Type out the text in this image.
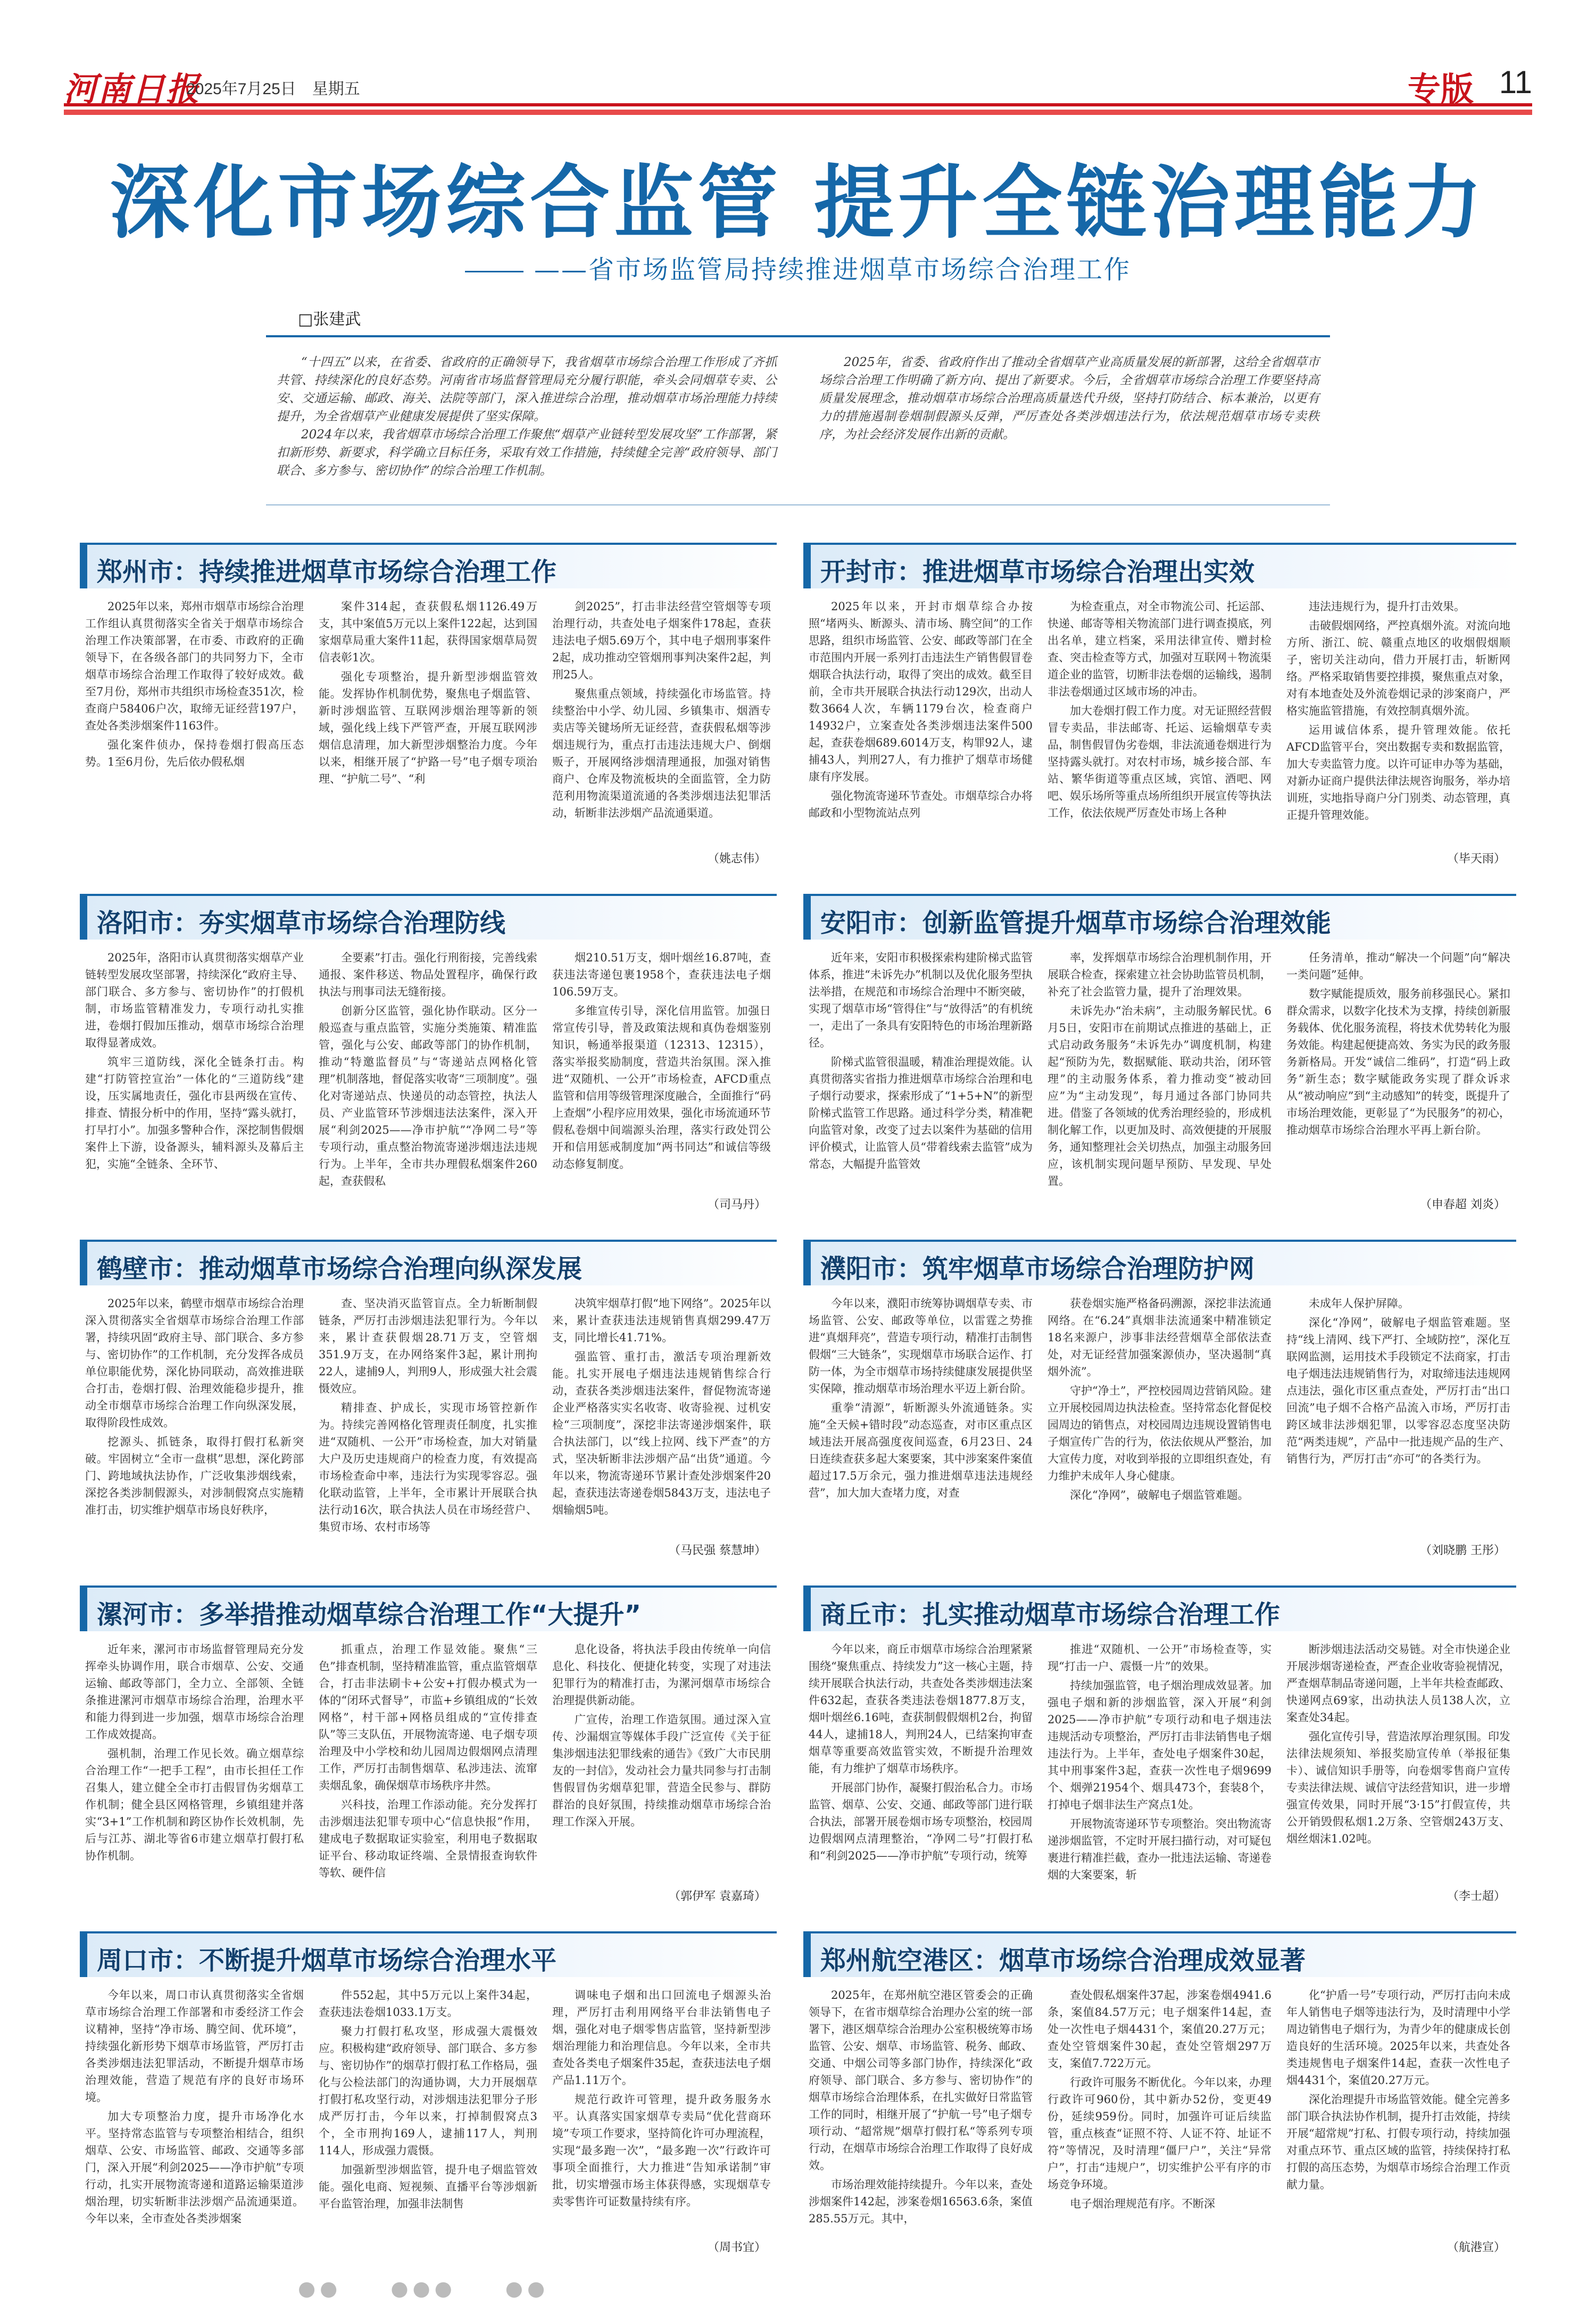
河南日报
2025年7月25日　星期五	专版 11
深化市场综合监管 提升全链治理能力
——省市场监管局持续推进烟草市场综合治理工作
□张建武

“十四五”以来，在省委、省政府的正确领导下，我省烟草市场综合治理工作形成了齐抓共管、持续深化的良好态势。河南省市场监督管理局充分履行职能，牵头会同烟草专卖、公安、交通运输、邮政、海关、法院等部门，深入推进综合治理，推动烟草市场治理能力持续提升，为全省烟草产业健康发展提供了坚实保障。

2024年以来，我省烟草市场综合治理工作聚焦“烟草产业链转型发展攻坚”工作部署，紧扣新形势、新要求，科学确立目标任务，采取有效工作措施，持续健全完善“政府领导、部门联合、多方参与、密切协作”的综合治理工作机制。

2025年，省委、省政府作出了推动全省烟草产业高质量发展的新部署，这给全省烟草市场综合治理工作明确了新方向、提出了新要求。今后，全省烟草市场综合治理工作要坚持高质量发展理念，推动烟草市场综合治理高质量迭代升级，坚持打防结合、标本兼治，以更有力的措施遏制卷烟制假源头反弹，严厉查处各类涉烟违法行为，依法规范烟草市场专卖秩序，为社会经济发展作出新的贡献。

郑州市：持续推进烟草市场综合治理工作

2025年以来，郑州市烟草市场综合治理工作组认真贯彻落实全省关于烟草市场综合治理工作决策部署，在市委、市政府的正确领导下，在各级各部门的共同努力下，全市烟草市场综合治理工作取得了较好成效。截至7月份，郑州市共组织市场检查351次，检查商户58406户次，取缔无证经营197户，查处各类涉烟案件1163件。

强化案件侦办，保持卷烟打假高压态势。1至6月份，先后依办假私烟

案件314起，查获假私烟1126.49万支，其中案值5万元以上案件122起，达到国家烟草局重大案件11起，获得国家烟草局贺信表彰1次。

强化专项整治，提升新型涉烟监管效能。发挥协作机制优势，聚焦电子烟监管、新时涉烟监管、互联网涉烟治理等新的领域，强化线上线下严管严查，开展互联网涉烟信息清理，加大新型涉烟整治力度。今年以来，相继开展了“护路一号”电子烟专项治理、“护航二号”、“利

剑2025”，打击非法经营空管烟等专项治理行动，共查处电子烟案件178起，查获违法电子烟5.69万个，其中电子烟刑事案件2起，成功推动空管烟刑事判决案件2起，判刑25人。

聚焦重点领域，持续强化市场监管。持续整治中小学、幼儿园、乡镇集市、烟酒专卖店等关键场所无证经营，查获假私烟等涉烟违规行为，重点打击违法违规大户、倒烟贩子，开展网络涉烟清理通报，加强对销售商户、仓库及物流板块的全面监管，全力防范利用物流渠道流通的各类涉烟违法犯罪活动，斩断非法涉烟产品流通渠道。

（姚志伟）
开封市：推进烟草市场综合治理出实效

2025年以来，开封市烟草综合办按照“堵两头、断源头、清市场、腾空间”的工作思路，组织市场监管、公安、邮政等部门在全市范围内开展一系列打击违法生产销售假冒卷烟联合执法行动，取得了突出的成效。截至目前，全市共开展联合执法行动129次，出动人数3664人次，车辆1179台次，检查商户14932户，立案查处各类涉烟违法案件500起，查获卷烟689.6014万支，构罪92人，逮捕43人，判刑27人，有力推护了烟草市场健康有序发展。

强化物流寄递环节查处。市烟草综合办将邮政和小型物流站点列

为检查重点，对全市物流公司、托运部、快递、邮寄等相关物流部门进行调查摸底，列出名单，建立档案，采用法律宣传、赠封检查、突击检查等方式，加强对互联网＋物流渠道企业的监管，切断非法卷烟的运输线，遏制非法卷烟通过区域市场的冲击。

加大卷烟打假工作力度。对无证照经营假冒专卖品，非法邮寄、托运、运输烟草专卖品，制售假冒伪劣卷烟，非法流通卷烟进行为坚持露头就打。对农村市场，城乡接合部、车站、繁华街道等重点区域，宾馆、酒吧、网吧、娱乐场所等重点场所组织开展宣传等执法工作，依法依规严厉查处市场上各种

违法违规行为，提升打击效果。

击破假烟网络，严控真烟外流。对流向地方所、浙江、皖、赣重点地区的收烟假烟顺子，密切关注动向，借力开展打击，斩断网络。严格采取销售要控排摸，聚焦重点对象，对有本地查处及外流卷烟记录的涉案商户，严格实施监管措施，有效控制真烟外流。

运用诚信体系，提升管理效能。依托AFCD监管平台，突出数据专卖和数据监管，加大专卖监管力度。以许可证申办等为基础，对新办证商户提供法律法规咨询服务，举办培训班，实地指导商户分门别类、动态管理，真正提升管理效能。

（毕天雨）
洛阳市：夯实烟草市场综合治理防线

2025年，洛阳市认真贯彻落实烟草产业链转型发展攻坚部署，持续深化“政府主导、部门联合、多方参与、密切协作”的打假机制，市场监管精准发力，专项行动扎实推进，卷烟打假加压推动，烟草市场综合治理取得显著成效。

筑牢三道防线，深化全链条打击。构建“打防管控宣治”一体化的“三道防线”建设，压实属地责任，强化市县两级在宣传、排查、情报分析中的作用，坚持“露头就打，打早打小”。加强多警种合作，深挖制售假烟案件上下游，设备源头，辅料源头及幕后主犯，实施“全链条、全环节、

全要素”打击。强化行刑衔接，完善线索通报、案件移送、物品处置程序，确保行政执法与刑事司法无缝衔接。

创新分区监管，强化协作联动。区分一般巡查与重点监管，实施分类施策、精准监管，强化与公安、邮政等部门的协作机制，推动“特邀监督员”与“寄递站点网格化管理”机制落地，督促落实收寄“三项制度”。强化对寄递站点、快递员的动态管控，执法人员、产业监管环节涉烟违法法案件，深入开展“利剑2025——净市护航”“净网二号”等专项行动，重点整治物流寄递涉烟违法违规行为。上半年，全市共办理假私烟案件260起，查获假私

烟210.51万支，烟叶烟丝16.87吨，查获违法寄递包裹1958个，查获违法电子烟106.59万支。

多维宣传引导，深化信用监管。加强日常宣传引导，普及政策法规和真伪卷烟鉴别知识，畅通举报渠道（12313、12315），落实举报奖励制度，营造共治氛围。深入推进“双随机、一公开”市场检查，AFCD重点监管和信用等级管理深度融合，全面推行“码上查烟”小程序应用效果，强化市场流通环节假私卷烟中间端源头治理，落实行政处罚公开和信用惩戒制度加“两书同达”和诚信等级动态修复制度。

（司马丹）
安阳市：创新监管提升烟草市场综合治理效能

近年来，安阳市积极探索构建阶梯式监管体系，推进“未诉先办”机制以及优化服务型执法举措，在规范和市场综合治理中不断突破，实现了烟草市场“管得住”与“放得活”的有机统一，走出了一条具有安阳特色的市场治理新路径。

阶梯式监管很温暖，精准治理提效能。认真贯彻落实省指力推进烟草市场综合治理和电子烟行动要求，探索形成了“1+5+N”的新型阶梯式监管工作思路。通过科学分类，精准靶向监管对象，改变了过去以案件为基础的信用评价模式，让监管人员“带着线索去监管”成为常态，大幅提升监管效

率，发挥烟草市场综合治理机制作用，开展联合检查，探索建立社会协助监管员机制，补充了社会监管力量，提升了治理效果。

未诉先办“治未病”，主动服务解民忧。6月5日，安阳市在前期试点推进的基础上，正式启动政务服务“未诉先办”调度机制，构建起“预防为先，数据赋能、联动共治，闭环管理”的主动服务体系，着力推动变“被动回应”为“主动发现”，每月通过各部门协同共进。借鉴了各领域的优秀治理经验的，形成机制化解工作，以更加及时、高效便捷的开展服务，通知整理社会关切热点，加强主动服务回应，该机制实现问题早预防、早发现、早处置。

任务清单，推动“解决一个问题”向“解决一类问题”延伸。

数字赋能提质效，服务前移强民心。紧扣群众需求，以数字化技术为支撑，持续创新服务载体、优化服务流程，将技术优势转化为服务效能。构建起便捷高效、务实为民的政务服务新格局。开发“诚信二维码”，打造“码上政务”新生态；数字赋能政务实现了群众诉求从“被动响应”到“主动感知”的转变，既提升了市场治理效能，更彰显了“为民服务”的初心，推动烟草市场综合治理水平再上新台阶。

（申春超 刘炎）
鹤壁市：推动烟草市场综合治理向纵深发展

2025年以来，鹤壁市烟草市场综合治理深入贯彻落实全省烟草市场综合治理工作部署，持续巩固“政府主导、部门联合、多方参与、密切协作”的工作机制，充分发挥各成员单位职能优势，深化协同联动，高效推进联合打击，卷烟打假、治理效能稳步提升，推动全市烟草市场综合治理工作向纵深发展，取得阶段性成效。

挖源头、抓链条，取得打假打私新突破。牢固树立“全市一盘棋”思想，深化跨部门、跨地域执法协作，广泛收集涉烟线索，深挖各类涉制假源头，对涉制假窝点实施精准打击，切实维护烟草市场良好秩序，

查、坚决消灭监管盲点。全力斩断制假链条，严厉打击涉烟违法犯罪行为。今年以来，累计查获假烟28.71万支，空管烟351.9万支，在办网络案件3起，累计刑拘22人，逮捕9人，判刑9人，形成强大社会震慑效应。

精排查、护成长，实现市场管控新作为。持续完善网格化管理责任制度，扎实推进“双随机、一公开”市场检查，加大对销量大户及历史违规商户的检查力度，有效提高市场检查命中率，违法行为实现零容忍。强化联动监管，上半年，全市累计开展联合执法行动16次，联合执法人员在市场经营户、集贸市场、农村市场等

决筑牢烟草打假“地下网络”。2025年以来，累计查获违法违规销售真烟299.47万支，同比增长41.71%。

强监管、重打击，激活专项治理新效能。扎实开展电子烟违法违规销售综合行动，查获各类涉烟违法案件，督促物流寄递企业严格落实实名收寄、收寄验视、过机安检“三项制度”，深挖非法寄递涉烟案件，联合执法部门，以“线上拉网、线下严查”的方式，坚决斩断非法涉烟产品“出货”通道。今年以来，物流寄递环节累计查处涉烟案件20起，查获违法寄递卷烟5843万支，违法电子烟输烟5吨。

（马民强 蔡慧坤）
濮阳市：筑牢烟草市场综合治理防护网

今年以来，濮阳市统筹协调烟草专卖、市场监管、公安、邮政等单位，以雷霆之势推进“真烟拜亮”，营造专项行动，精准打击制售假烟“三大链条”，实现烟草市场联合运作、打防一体，为全市烟草市场持续健康发展提供坚实保障，推动烟草市场治理水平迈上新台阶。

重拳“清源”，斩断源头外流通链条。实施“全天候+错时段”动态巡查，对市区重点区域违法开展高强度夜间巡查，6月23日、24日连续查获多起大案要案，其中涉案案件案值超过17.5万余元，强力推进烟草违法违规经营”，加大加大查堵力度，对查

获卷烟实施严格备码溯源，深挖非法流通网络。在“6.24”真烟非法流通案中精准锁定18名来源户，涉事非法经营烟草全部依法查处，对无证经营加强案源侦办，坚决遏制“真烟外流”。

守护“净土”，严控校园周边营销风险。建立开展校园周边执法检查。坚持常态化督促校园周边的销售点，对校园周边违规设置销售电子烟宣传广告的行为，依法依规从严整治，加大宣传力度，对收到举报的立即组织查处，有力维护未成年人身心健康。

深化“净网”，破解电子烟监管难题。

未成年人保护屏障。

深化“净网”，破解电子烟监管难题。坚持“线上清网、线下严打、全域防控”，深化互联网监测，运用技术手段锁定不法商家，打击电子烟违法违规销售行为，对取缔违法违规网点违法，强化市区重点查处，严厉打击“出口回流”电子烟不合格产品流入市场，严厉打击跨区域非法涉烟犯罪，以零容忍态度坚决防范“两类违规”，产品中一批违规产品的生产、销售行为，严厉打击“亦可”的各类行为。

（刘晓鹏 王彤）
漯河市：多举措推动烟草综合治理工作“大提升”

近年来，漯河市市场监督管理局充分发挥牵头协调作用，联合市烟草、公安、交通运输、邮政等部门，全力立、全部领、全链条推进漯河市烟草市场综合治理，治理水平和能力得到进一步加强，烟草市场综合治理工作成效提高。

强机制，治理工作见长效。确立烟草综合治理工作“一把手工程”，由市长担任工作召集人，建立健全全市打击假冒伪劣烟草工作机制；健全县区网格管理，乡镇组建并落实“3+1”工作机制和跨区协作长效机制，先后与江苏、湖北等省6市建立烟草打假打私协作机制。

抓重点，治理工作显效能。聚焦“三色”排查机制，坚持精准监管，重点监管烟草合，打击非法刷卡+公安+打假办模式为一体的“闭环式督导”，市监+乡镇组成的“长效网格”，村干部+网格员组成的“宣传排查队”等三支队伍，开展物流寄递、电子烟专项治理及中小学校和幼儿园周边假烟网点清理工作，严厉打击制售烟草、私涉违法、流窜卖烟乱象，确保烟草市场秩序井然。

兴科技，治理工作添动能。充分发挥打击涉烟违法犯罪专项中心“信息快报”作用，建成电子数据取证实验室，利用电子数据取证平台、移动取证终端、全景情报查询软件等软、硬件信

息化设备，将执法手段由传统单一向信息化、科技化、便捷化转变，实现了对违法犯罪行为的精准打击，为漯河烟草市场综合治理提供新动能。

广宣传，治理工作造氛围。通过深入宣传、沙漏烟宣等媒体手段广泛宣传《关于征集涉烟违法犯罪线索的通告》《致广大市民朋友的一封信》，发动社会力量共同参与打击制售假冒伪劣烟草犯罪，营造全民参与、群防群治的良好氛围，持续推动烟草市场综合治理工作深入开展。

（郭伊军 袁嘉琦）
商丘市：扎实推动烟草市场综合治理工作

今年以来，商丘市烟草市场综合治理紧紧围绕“聚焦重点、持续发力”这一核心主题，持续开展联合执法行动，共查处各类涉烟违法案件632起，查获各类违法卷烟1877.8万支，烟叶烟丝6.16吨，查获制假假烟机2台，拘留44人，逮捕18人，判刑24人，已结案拘审查烟草等重要高效监管实效，不断提升治理效能，有力维护了烟草市场秩序。

开展部门协作，凝聚打假治私合力。市场监管、烟草、公安、交通、邮政等部门进行联合执法，部署开展卷烟市场专项整治，校园周边假烟网点清理整治，“净网二号”打假打私和“利剑2025——净市护航”专项行动，统筹

推进“双随机、一公开”市场检查等，实现“打击一户、震慑一片”的效果。

持续加强监管，电子烟治理成效显著。加强电子烟和新的涉烟监管，深入开展“利剑2025——净市护航”专项行动和电子烟违法违规活动专项整治，严厉打击非法销售电子烟违法行为。上半年，查处电子烟案件30起，其中刑事案件3起，查获一次性电子烟9699个、烟弹21954个、烟具473个，套装8个，打掉电子烟非法生产窝点1处。

开展物流寄递环节专项整治。突出物流寄递涉烟监管，不定时开展扫描行动，对可疑包裹进行精准拦截，查办一批违法运输、寄递卷烟的大案要案，斩

断涉烟违法活动交易链。对全市快递企业开展涉烟寄递检查，严查企业收寄验视情况，严查烟草制品寄递问题，上半年共检查邮政、快递网点69家，出动执法人员138人次，立案查处34起。

强化宣传引导，营造浓厚治理氛围。印发法律法规须知、举报奖励宣传单（举报征集卡）、诚信知识手册等，向卷烟零售商户宣传专卖法律法规、诚信守法经营知识，进一步增强宣传效果，同时开展“3·15”打假宣传，共公开销毁假私烟1.2万条、空管烟243万支、烟丝烟沫1.02吨。

（李士超）
周口市：不断提升烟草市场综合治理水平

今年以来，周口市认真贯彻落实全省烟草市场综合治理工作部署和市委经济工作会议精神，坚持“净市场、腾空间、优环境”，持续强化新形势下烟草市场监管，严厉打击各类涉烟违法犯罪活动，不断提升烟草市场治理效能，营造了规范有序的良好市场环境。

加大专项整治力度，提升市场净化水平。坚持常态监管与专项整治相结合，组织烟草、公安、市场监管、邮政、交通等多部门，深入开展“利剑2025——净市护航”专项行动，扎实开展物流寄递和道路运输渠道涉烟治理，切实斩断非法涉烟产品流通渠道。今年以来，全市查处各类涉烟案

件552起，其中5万元以上案件34起，查获违法卷烟1033.1万支。

聚力打假打私攻坚，形成强大震慑效应。积极构建“政府领导、部门联合、多方参与、密切协作”的烟草打假打私工作格局，强化与公检法部门的沟通协调，大力开展烟草打假打私攻坚行动，对涉烟违法犯罪分子形成严厉打击，今年以来，打掉制假窝点3个，全市刑拘169人，逮捕117人，判刑114人，形成强力震慑。

加强新型涉烟监管，提升电子烟监管效能。强化电商、短视频、直播平台等涉烟新平台监管治理，加强非法制售

调味电子烟和出口回流电子烟源头治理，严厉打击利用网络平台非法销售电子烟，强化对电子烟零售店监管，坚持新型涉烟治理能力和治理信息。今年以来，全市共查处各类电子烟案件35起，查获违法电子烟产品1.11万个。

规范行政许可管理，提升政务服务水平。认真落实国家烟草专卖局“优化营商环境”专项工作要求，坚持简化许可办理流程，实现“最多跑一次”，“最多跑一次”行政许可事项全面推行，大力推进“告知承诺制”审批，切实增强市场主体获得感，实现烟草专卖零售许可证数量持续有序。

（周书宜）
郑州航空港区：烟草市场综合治理成效显著

2025年，在郑州航空港区管委会的正确领导下，在省市烟草综合治理办公室的统一部署下，港区烟草综合治理办公室积极统筹市场监管、公安、烟草、市场监管、税务、邮政、交通、中烟公司等多部门协作，持续深化“政府领导、部门联合、多方参与、密切协作”的烟草市场综合治理体系，在扎实做好日常监管工作的同时，相继开展了“护航一号”电子烟专项行动、“超常规”烟草打假打私“等系列专项行动，在烟草市场综合治理工作取得了良好成效。

市场治理效能持续提升。今年以来，查处涉烟案件142起，涉案卷烟16563.6条，案值285.55万元。其中，

查处假私烟案件37起，涉案卷烟4941.6条，案值84.57万元；电子烟案件14起，查处一次性电子烟4431个，案值20.27万元；查处空管烟案件30起，查处空管烟297万支，案值7.722万元。

行政许可服务不断优化。今年以来，办理行政许可960份，其中新办52份，变更49份，延续959份。同时，加强许可证后续监管，重点核查“证照不符、人证不符、址证不符”等情况，及时清理“僵尸户”，关注“异常户”，打击“违规户”，切实维护公平有序的市场竞争环境。

电子烟治理规范有序。不断深

化“护盾一号”专项行动，严厉打击向未成年人销售电子烟等违法行为，及时清理中小学周边销售电子烟行为，为青少年的健康成长创造良好的生活环境。2025年以来，共查处各类违规售电子烟案件14起，查获一次性电子烟4431个，案值20.27万元。

深化治理提升市场监管效能。健全完善多部门联合执法协作机制，提升打击效能，持续开展“超常规”打私、打假专项行动，持续加强对重点环节、重点区域的监管，持续保持打私打假的高压态势，为烟草市场综合治理工作贡献力量。

（航港宣）
●●　　●●●　　●●
